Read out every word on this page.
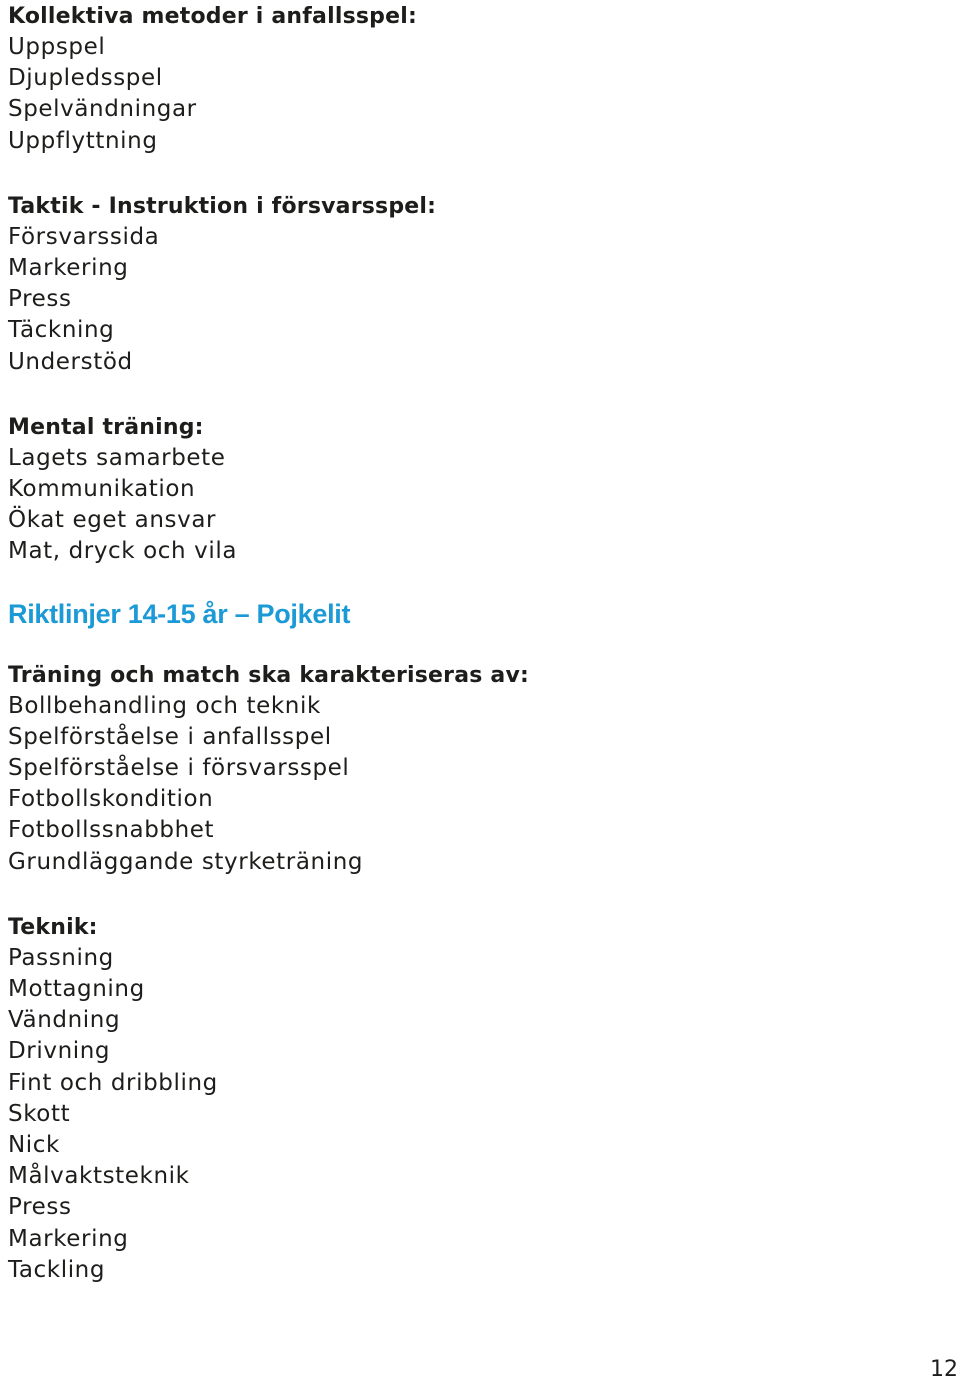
Kollektiva metoder i anfallsspel:
Uppspel
Djupledsspel
Spelvändningar
Uppflyttning
Taktik - Instruktion i försvarsspel:
Försvarssida
Markering
Press
Täckning
Understöd
Mental träning:
Lagets samarbete
Kommunikation
Ökat eget ansvar
Mat, dryck och vila
Riktlinjer 14-15 år – Pojkelit
Träning och match ska karakteriseras av:
Bollbehandling och teknik
Spelförståelse i anfallsspel
Spelförståelse i försvarsspel
Fotbollskondition
Fotbollssnabbhet
Grundläggande styrketräning
Teknik:
Passning
Mottagning
Vändning
Drivning
Fint och dribbling
Skott
Nick
Målvaktsteknik
Press
Markering
Tackling
12
